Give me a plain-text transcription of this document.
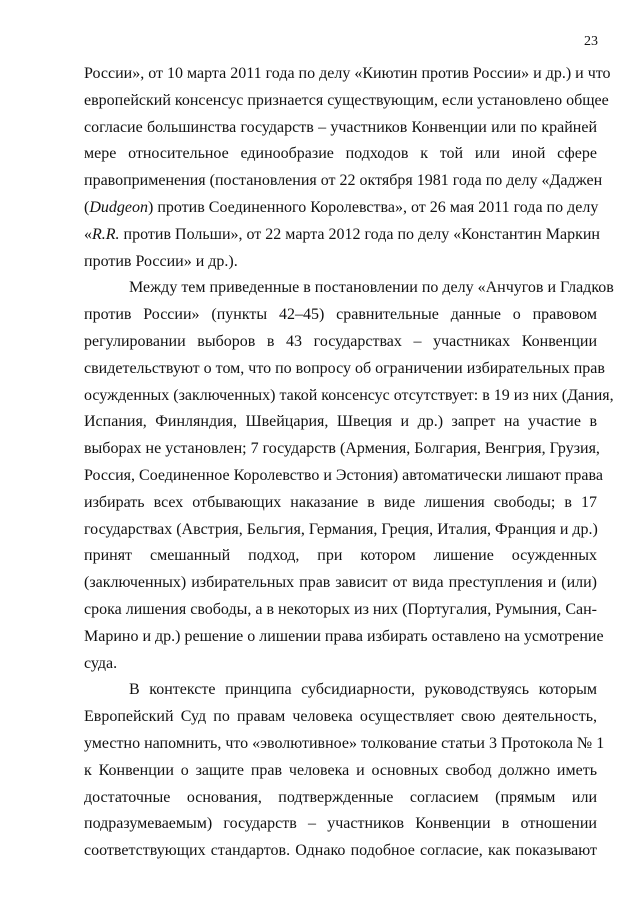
23
России», от 10 марта 2011 года по делу «Киютин против России» и др.) и что
европейский консенсус признается существующим, если установлено общее
согласие большинства государств – участников Конвенции или по крайней
мере относительное единообразие подходов к той или иной сфере
правоприменения (постановления от 22 октября 1981 года по делу «Даджен
(Dudgeon) против Соединенного Королевства», от 26 мая 2011 года по делу
«R.R. против Польши», от 22 марта 2012 года по делу «Константин Маркин
против России» и др.).
Между тем приведенные в постановлении по делу «Анчугов и Гладков
против России» (пункты 42–45) сравнительные данные о правовом
регулировании выборов в 43 государствах – участниках Конвенции
свидетельствуют о том, что по вопросу об ограничении избирательных прав
осужденных (заключенных) такой консенсус отсутствует: в 19 из них (Дания,
Испания, Финляндия, Швейцария, Швеция и др.) запрет на участие в
выборах не установлен; 7 государств (Армения, Болгария, Венгрия, Грузия,
Россия, Соединенное Королевство и Эстония) автоматически лишают права
избирать всех отбывающих наказание в виде лишения свободы; в 17
государствах (Австрия, Бельгия, Германия, Греция, Италия, Франция и др.)
принят смешанный подход, при котором лишение осужденных
(заключенных) избирательных прав зависит от вида преступления и (или)
срока лишения свободы, а в некоторых из них (Португалия, Румыния, Сан-
Марино и др.) решение о лишении права избирать оставлено на усмотрение
суда.
В контексте принципа субсидиарности, руководствуясь которым
Европейский Суд по правам человека осуществляет свою деятельность,
уместно напомнить, что «эволютивное» толкование статьи 3 Протокола № 1
к Конвенции о защите прав человека и основных свобод должно иметь
достаточные основания, подтвержденные согласием (прямым или
подразумеваемым) государств – участников Конвенции в отношении
соответствующих стандартов. Однако подобное согласие, как показывают
